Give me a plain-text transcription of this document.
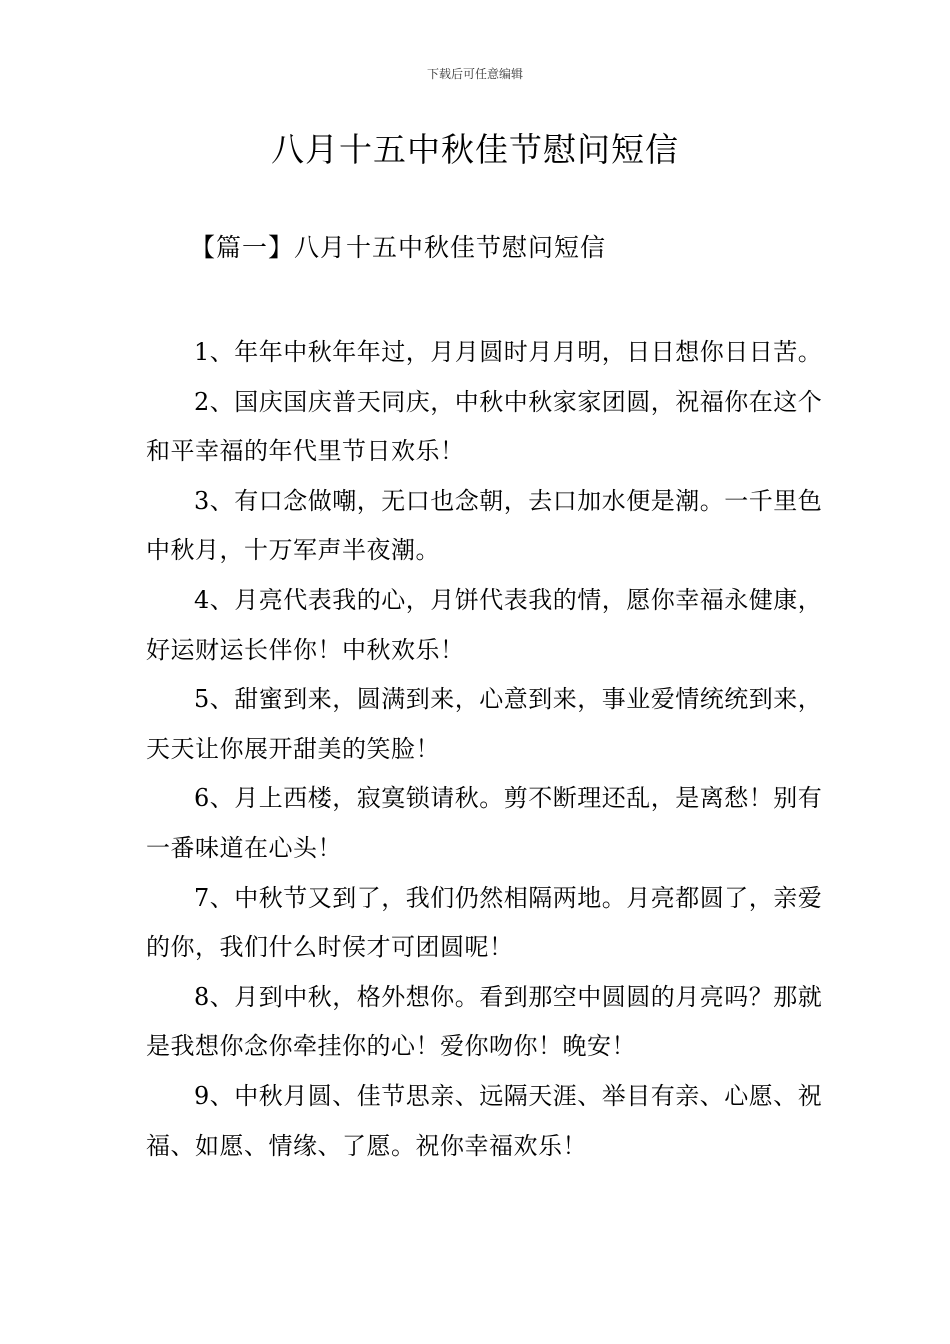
下载后可任意编辑
八月十五中秋佳节慰问短信
【篇一】八月十五中秋佳节慰问短信

1、年年中秋年年过，月月圆时月月明，日日想你日日苦。

2、国庆国庆普天同庆，中秋中秋家家团圆，祝福你在这个和平幸福的年代里节日欢乐！

3、有口念做嘲，无口也念朝，去口加水便是潮。一千里色中秋月，十万军声半夜潮。

4、月亮代表我的心，月饼代表我的情，愿你幸福永健康，好运财运长伴你！中秋欢乐！

5、甜蜜到来，圆满到来，心意到来，事业爱情统统到来，天天让你展开甜美的笑脸！

6、月上西楼，寂寞锁请秋。剪不断理还乱，是离愁！别有一番味道在心头！

7、中秋节又到了，我们仍然相隔两地。月亮都圆了，亲爱的你，我们什么时侯才可团圆呢！

8、月到中秋，格外想你。看到那空中圆圆的月亮吗？那就是我想你念你牵挂你的心！爱你吻你！晚安！

9、中秋月圆、佳节思亲、远隔天涯、举目有亲、心愿、祝福、如愿、情缘、了愿。祝你幸福欢乐！
